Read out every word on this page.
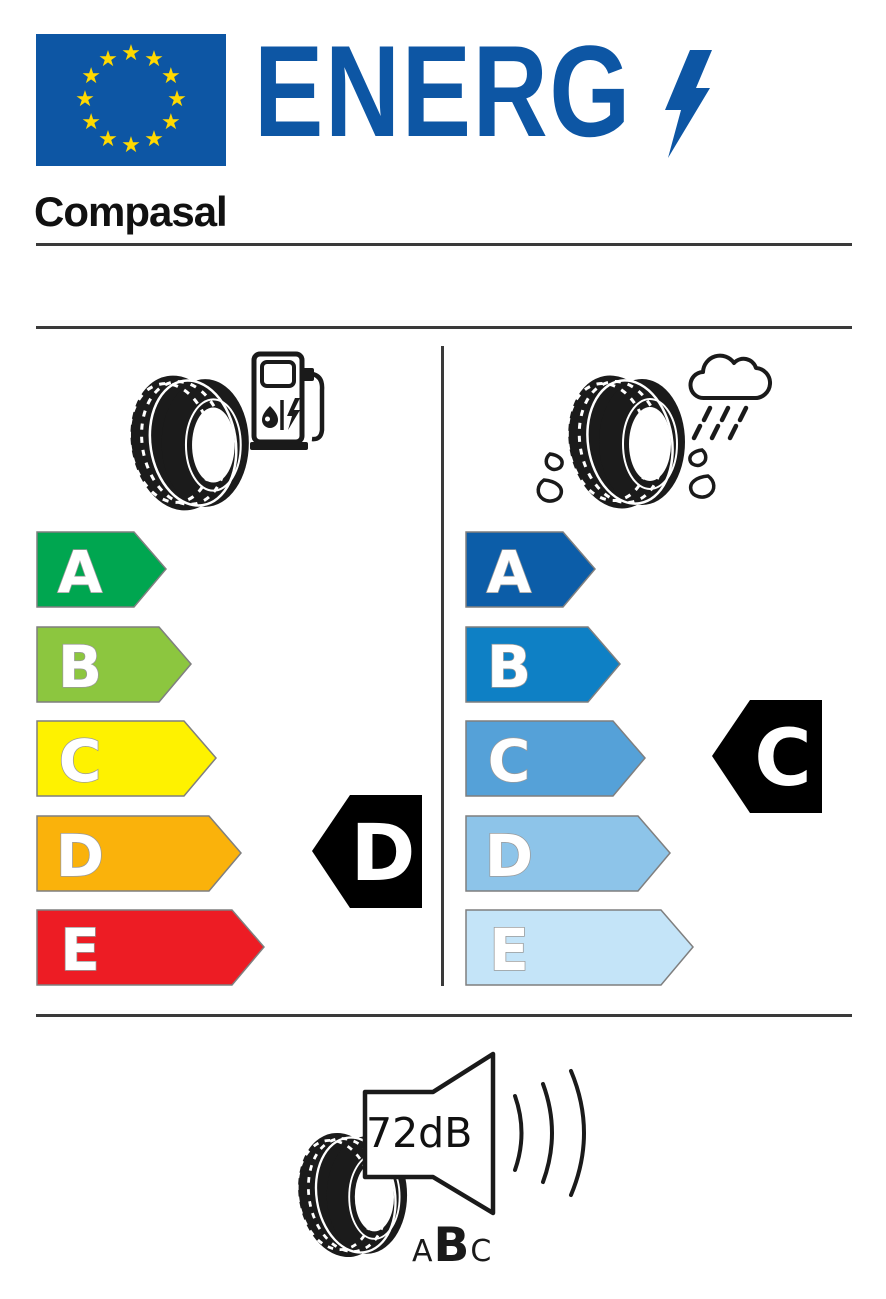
★ ★
★
★
★
★
★
★
★
★
★
★ ENERG
Compasal
A
B
C
D
E
A
B
C
D
E
D
C
72dB
A B C
